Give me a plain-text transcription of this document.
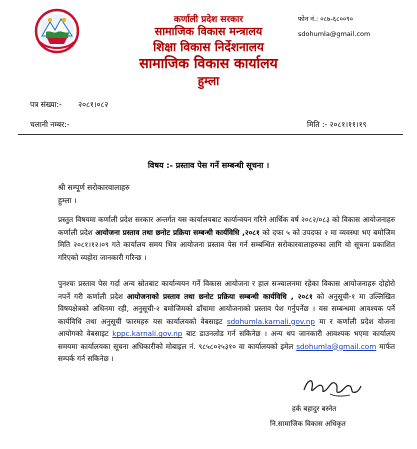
कर्णाली प्रदेश सरकार
सामाजिक विकास मन्त्रालय
शिक्षा विकास निर्देशनालय
सामाजिक विकास कार्यालय
हुम्ला
फोन नं.: ०८७-६८००९०
sdohumla@gmail.com
पत्र संख्या:- २०८१।०८२
चलानी नम्बर:-	मिति :- २०८१।११।१९
विषय :- प्रस्ताव पेस गर्ने सम्बन्धी सूचना ।
श्री सम्पूर्ण सरोकारवालाहरु
हुम्ला ।
प्रस्तुत विषयमा कर्णाली प्रदेश सरकार अन्तर्गत यस कार्यालयबाट कार्यान्वयन गरिने आर्थिक वर्ष २०८२/०८३ को विकास आयोजनाहरु कर्णाली प्रदेश आयोजना प्रस्ताव तथा छनोट प्रक्रिया सम्बन्धी कार्यविधि ,२०८१ को दफा ५ को उपदफा २ मा व्यवस्था भए बमोजिम मिति २०८१।१२।०९ गते कार्यालय समय भित्र आयोजना प्रस्ताव पेस गर्न सम्बन्धित सरोकारवालाहरुका लागि यो सूचना प्रकाशित गरिएको व्यहोरा जानकारी गरिन्छ ।
पुनश्चः प्रस्ताव पेस गर्दा अन्य स्रोतबाट कार्यान्वयन गर्ने विकास आयोजना र हाल सञ्चालनमा रहेका विकास आयोजनाहरु दोहोरो नपर्ने गरी कर्णाली प्रदेश आयोजनाको प्रस्ताव तथा छनोट प्रक्रिया सम्बन्धी कार्यविधि , २०८१ को अनुसूची-१ मा उल्लिखित विषयक्षेत्रको अधिनमा रही, अनुसूची-२ बमोजिमको ढाँचामा आयोजनाको प्रस्ताव पेश गर्नुपर्नेछ । यस सम्बन्धमा आवश्यक पर्ने कार्यविधि तथा अनुसूची फारमहरु यस कार्यालयको वेबसाइट sdohumla.karnali.gov.np मा र कर्णाली प्रदेश योजना आयोगको वेबसाइट kppc.karnali.gov.np बाट डाउनलोड गर्न सकिनेछ । अन्य थप जानकारी आवश्यक भएमा कार्यालय समयमा कार्यालयका सूचना अधिकारीको मोबाइल नं. ९८५८०२५३१० वा कार्यालयको इमेल sdohumla@gmail.com मार्फत सम्पर्क गर्न सकिनेछ ।
हर्क बहादुर बस्नेत
नि.सामाजिक विकास अधिकृत
